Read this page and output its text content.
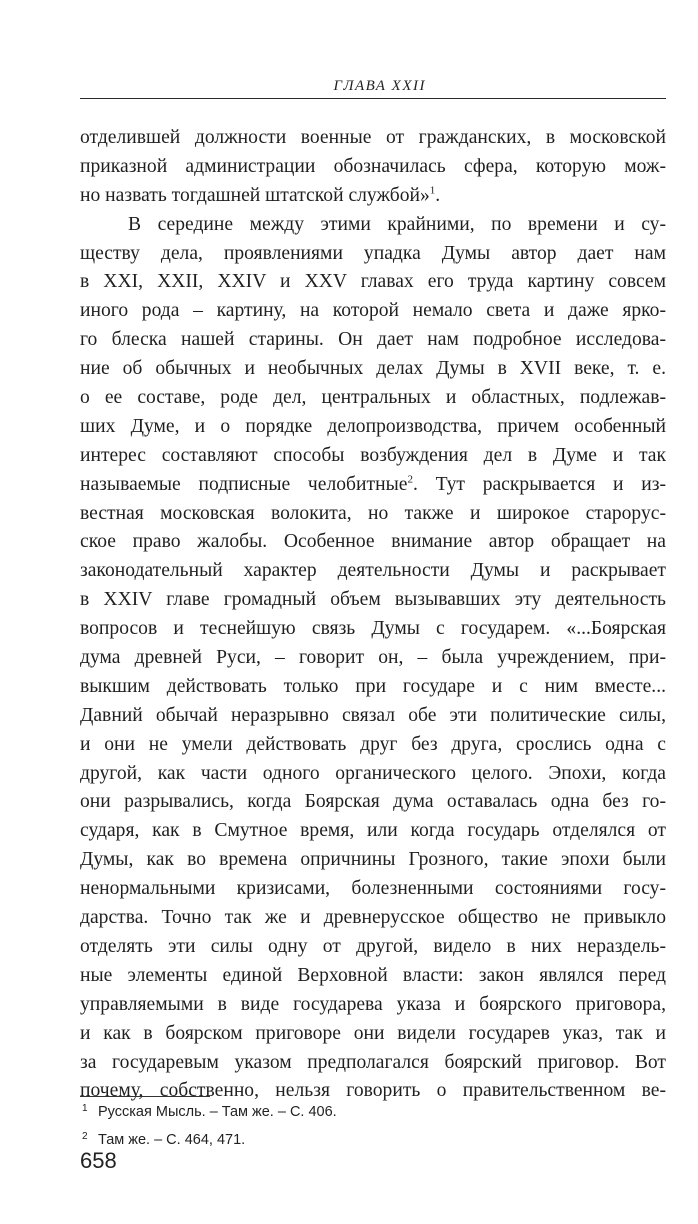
ГЛАВА XXII
отделившей должности военные от гражданских, в московской
приказной администрации обозначилась сфера, которую мож-
но назвать тогдашней штатской службой»$^1$.
В середине между этими крайними, по времени и су-
ществу дела, проявлениями упадка Думы автор дает нам
в XXI, XXII, XXIV и XXV главах его труда картину совсем
иного рода – картину, на которой немало света и даже ярко-
го блеска нашей старины. Он дает нам подробное исследова-
ние об обычных и необычных делах Думы в XVII веке, т. е.
о ее составе, роде дел, центральных и областных, подлежав-
ших Думе, и о порядке делопроизводства, причем особенный
интерес составляют способы возбуждения дел в Думе и так
называемые подписные челобитные$^2$. Тут раскрывается и из-
вестная московская волокита, но также и широкое старорус-
ское право жалобы. Особенное внимание автор обращает на
законодательный характер деятельности Думы и раскрывает
в XXIV главе громадный объем вызывавших эту деятельность
вопросов и теснейшую связь Думы с государем. «...Боярская
дума древней Руси, – говорит он, – была учреждением, при-
выкшим действовать только при государе и с ним вместе...
Давний обычай неразрывно связал обе эти политические силы,
и они не умели действовать друг без друга, срослись одна с
другой, как части одного органического целого. Эпохи, когда
они разрывались, когда Боярская дума оставалась одна без го-
сударя, как в Смутное время, или когда государь отделялся от
Думы, как во времена опричнины Грозного, такие эпохи были
ненормальными кризисами, болезненными состояниями госу-
дарства. Точно так же и древнерусское общество не привыкло
отделять эти силы одну от другой, видело в них нераздель-
ные элементы единой Верховной власти: закон являлся перед
управляемыми в виде государева указа и боярского приговора,
и как в боярском приговоре они видели государев указ, так и
за государевым указом предполагался боярский приговор. Вот
почему, собственно, нельзя говорить о правительственном ве-
1 Русская Мысль. – Там же. – С. 406.
2 Там же. – С. 464, 471.
658
